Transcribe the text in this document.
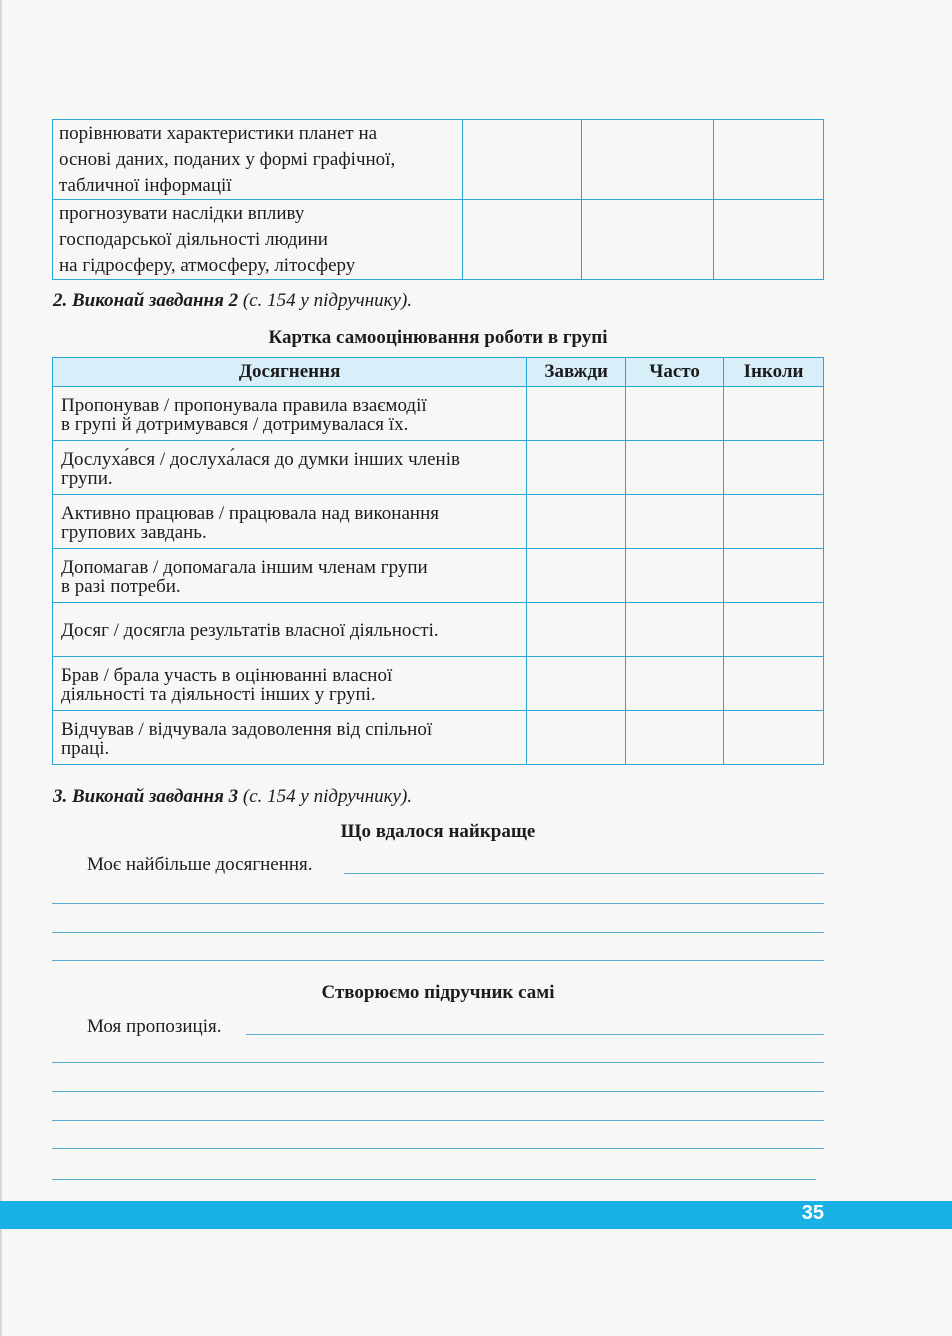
порівнювати характеристики планет на
основі даних, поданих у формі графічної,
табличної інформації			

прогнозувати наслідки впливу
господарської діяльності людини
на гідросферу, атмосферу, літосферу			

2. Виконай завдання 2 (с. 154 у підручнику).
Картка самооцінювання роботи в групі
Досягнення	Завжди	Часто	Інколи

Пропонував / пропонувала правила взаємодії
в групі й дотримувався / дотримувалася їх.			

Дослуха́вся / дослуха́лася до думки інших членів
групи.			

Активно працював / працювала над виконання
групових завдань.			

Допомагав / допомагала іншим членам групи
в разі потреби.			

Досяг / досягла результатів власної діяльності.			

Брав / брала участь в оцінюванні власної
діяльності та діяльності інших у групі.			

Відчував / відчувала задоволення від спільної
праці.			

3. Виконай завдання 3 (с. 154 у підручнику).
Що вдалося найкраще
Моє найбільше досягнення.
Створюємо підручник самі
Моя пропозиція.
35
